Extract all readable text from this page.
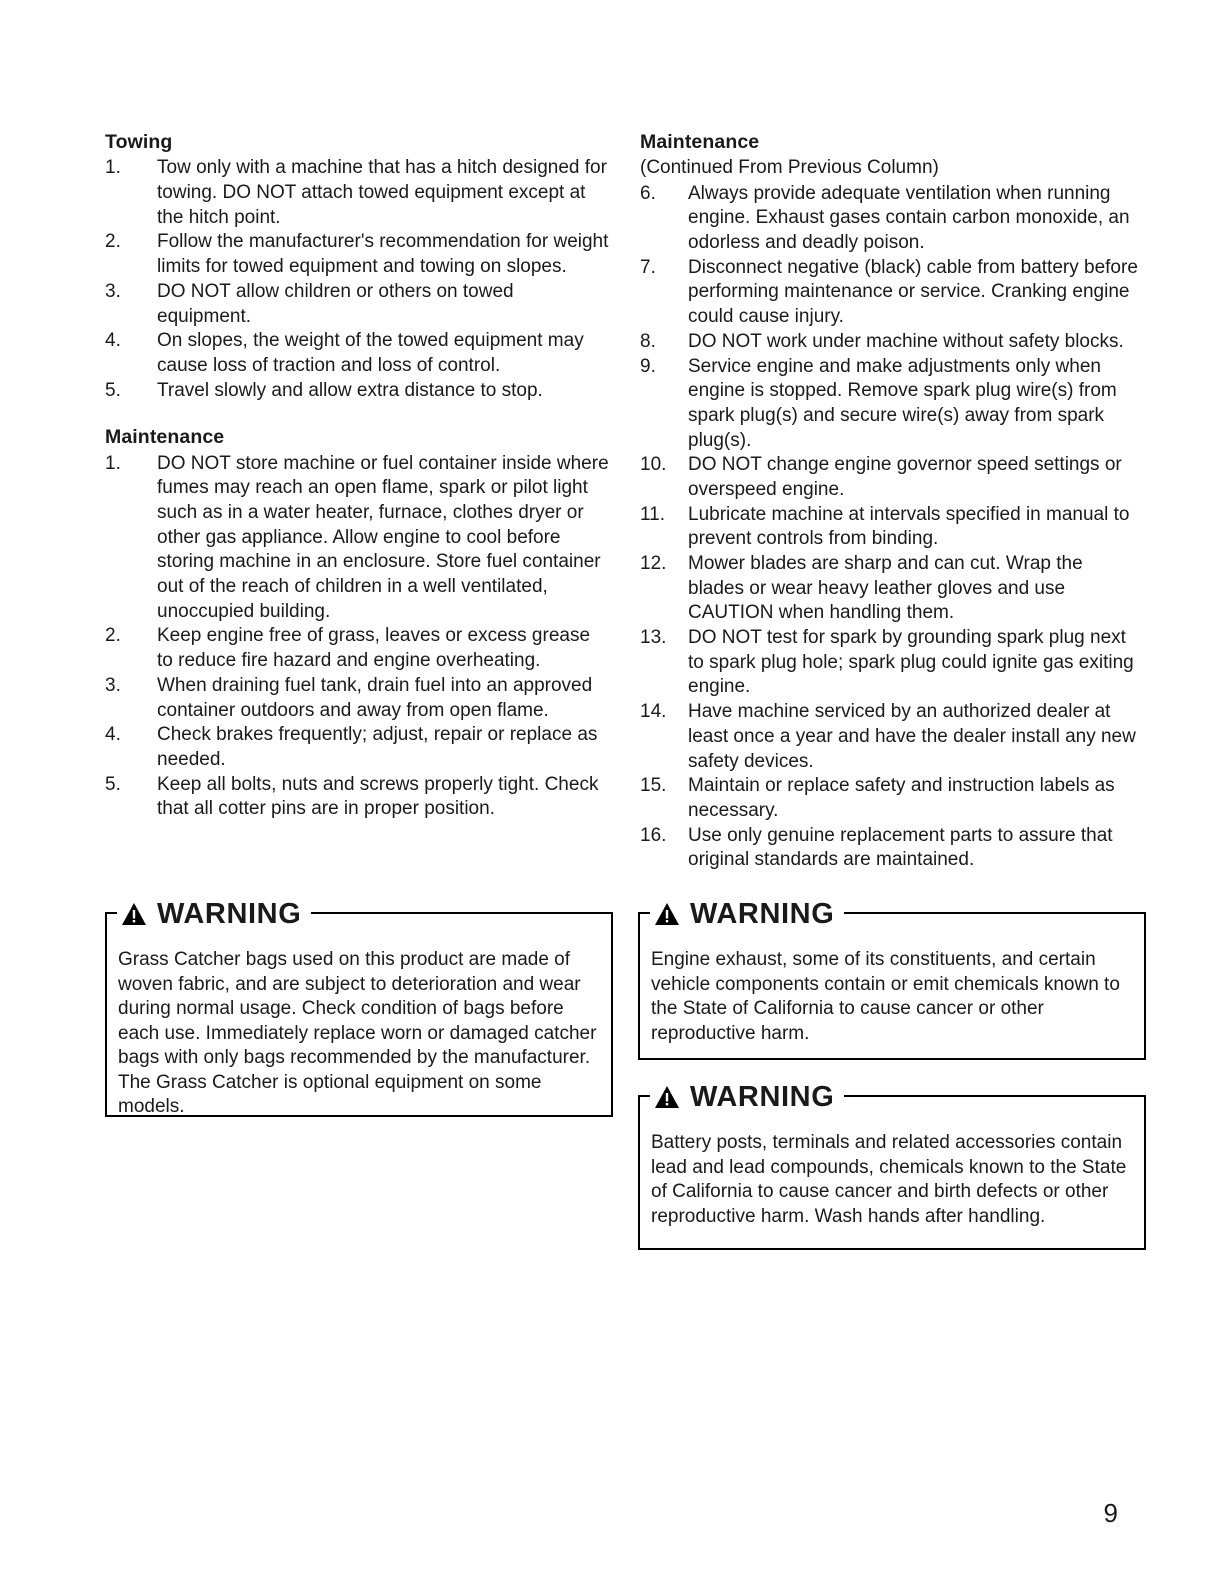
Towing
1.	Tow only with a machine that has a hitch designed for towing. DO NOT attach towed equipment except at the hitch point.
2.	Follow the manufacturer's recommendation for weight limits for towed equipment and towing on slopes.
3.	DO NOT allow children or others on towed equipment.
4.	On slopes, the weight of the towed equipment may cause loss of traction and loss of control.
5.	Travel slowly and allow extra distance to stop.
Maintenance
1.	DO NOT store machine or fuel container inside where fumes may reach an open flame, spark or pilot light such as in a water heater, furnace, clothes dryer or other gas appliance. Allow engine to cool before storing machine in an enclosure. Store fuel container out of the reach of children in a well ventilated, unoccupied building.
2.	Keep engine free of grass, leaves or excess grease to reduce fire hazard and engine overheating.
3.	When draining fuel tank, drain fuel into an approved container outdoors and away from open flame.
4.	Check brakes frequently; adjust, repair or replace as needed.
5.	Keep all bolts, nuts and screws properly tight. Check that all cotter pins are in proper position.
Maintenance

(Continued From Previous Column)

6.	Always provide adequate ventilation when running engine. Exhaust gases contain carbon monoxide, an odorless and deadly poison.
7.	Disconnect negative (black) cable from battery before performing maintenance or service. Cranking engine could cause injury.
8.	DO NOT work under machine without safety blocks.
9.	Service engine and make adjustments only when engine is stopped. Remove spark plug wire(s) from spark plug(s) and secure wire(s) away from spark plug(s).
10.	DO NOT change engine governor speed settings or overspeed engine.
11.	Lubricate machine at intervals specified in manual to prevent controls from binding.
12.	Mower blades are sharp and can cut. Wrap the blades or wear heavy leather gloves and use CAUTION when handling them.
13.	DO NOT test for spark by grounding spark plug next to spark plug hole; spark plug could ignite gas exiting engine.
14.	Have machine serviced by an authorized dealer at least once a year and have the dealer install any new safety devices.
15.	Maintain or replace safety and instruction labels as necessary.
16.	Use only genuine replacement parts to assure that original standards are maintained.
WARNING

Grass Catcher bags used on this product are made of woven fabric, and are subject to deterioration and wear during normal usage. Check condition of bags before each use. Immediately replace worn or damaged catcher bags with only bags recommended by the manufacturer. The Grass Catcher is optional equipment on some models.

WARNING

Engine exhaust, some of its constituents, and certain vehicle components contain or emit chemicals known to the State of California to cause cancer or other reproductive harm.

WARNING

Battery posts, terminals and related accessories contain lead and lead compounds, chemicals known to the State of California to cause cancer and birth defects or other reproductive harm. Wash hands after handling.

9
